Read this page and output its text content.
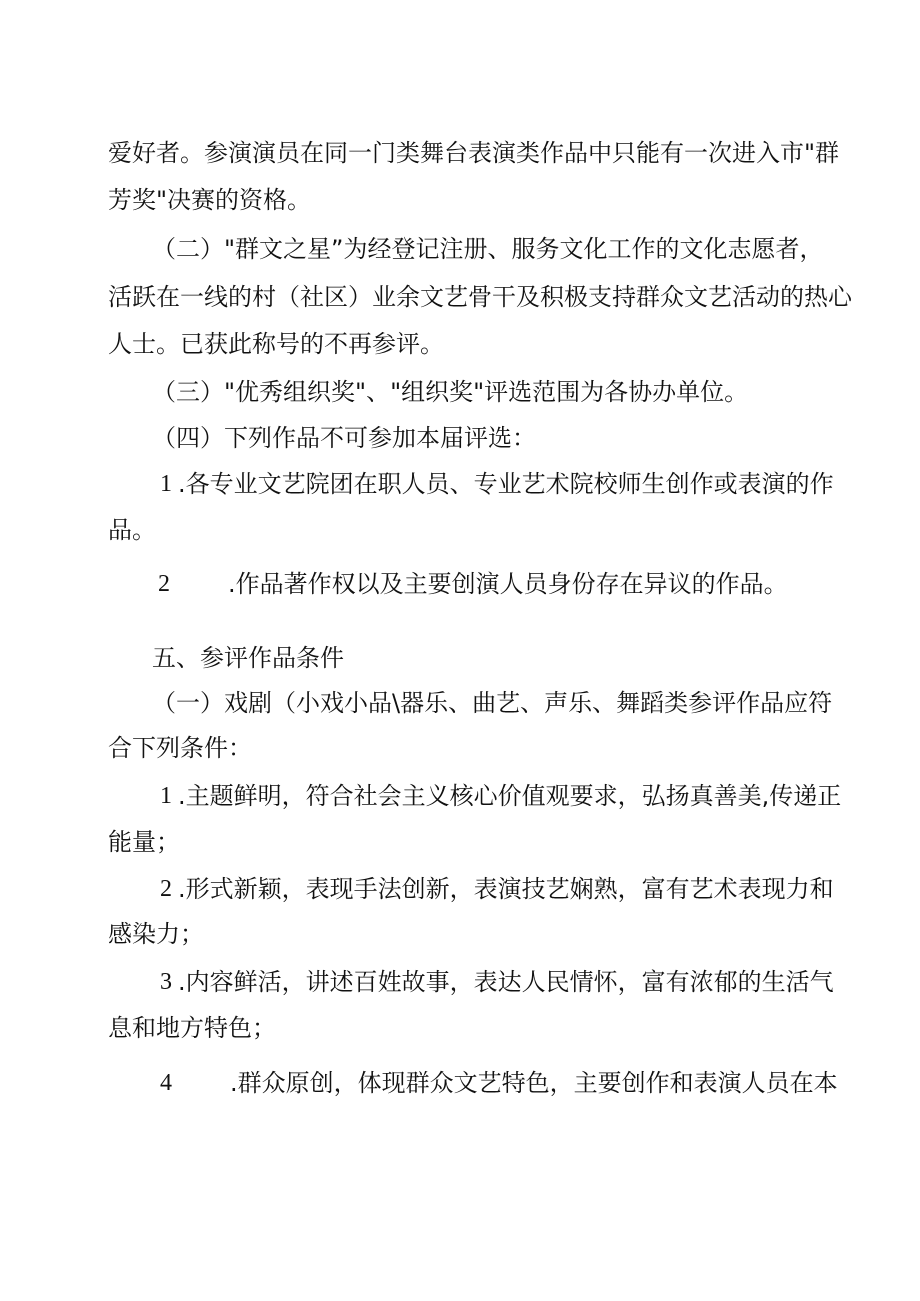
爱好者。参演演员在同一门类舞台表演类作品中只能有一次进入市"群
芳奖"决赛的资格。
（二）"群文之星”为经登记注册、服务文化工作的文化志愿者，
活跃在一线的村（社区）业余文艺骨干及积极支持群众文艺活动的热心
人士。已获此称号的不再参评。
（三）"优秀组织奖"、"组织奖"评选范围为各协办单位。
（四）下列作品不可参加本届评选：
1 .各专业文艺院团在职人员、专业艺术院校师生创作或表演的作
品。
2 .作品著作权以及主要创演人员身份存在异议的作品。
五、参评作品条件
（一）戏剧（小戏小品\器乐、曲艺、声乐、舞蹈类参评作品应符
合下列条件：
1 .主题鲜明，符合社会主义核心价值观要求，弘扬真善美,传递正
能量；
2 .形式新颖，表现手法创新，表演技艺娴熟，富有艺术表现力和
感染力；
3 .内容鲜活，讲述百姓故事，表达人民情怀，富有浓郁的生活气
息和地方特色；
4 .群众原创，体现群众文艺特色，主要创作和表演人员在本
